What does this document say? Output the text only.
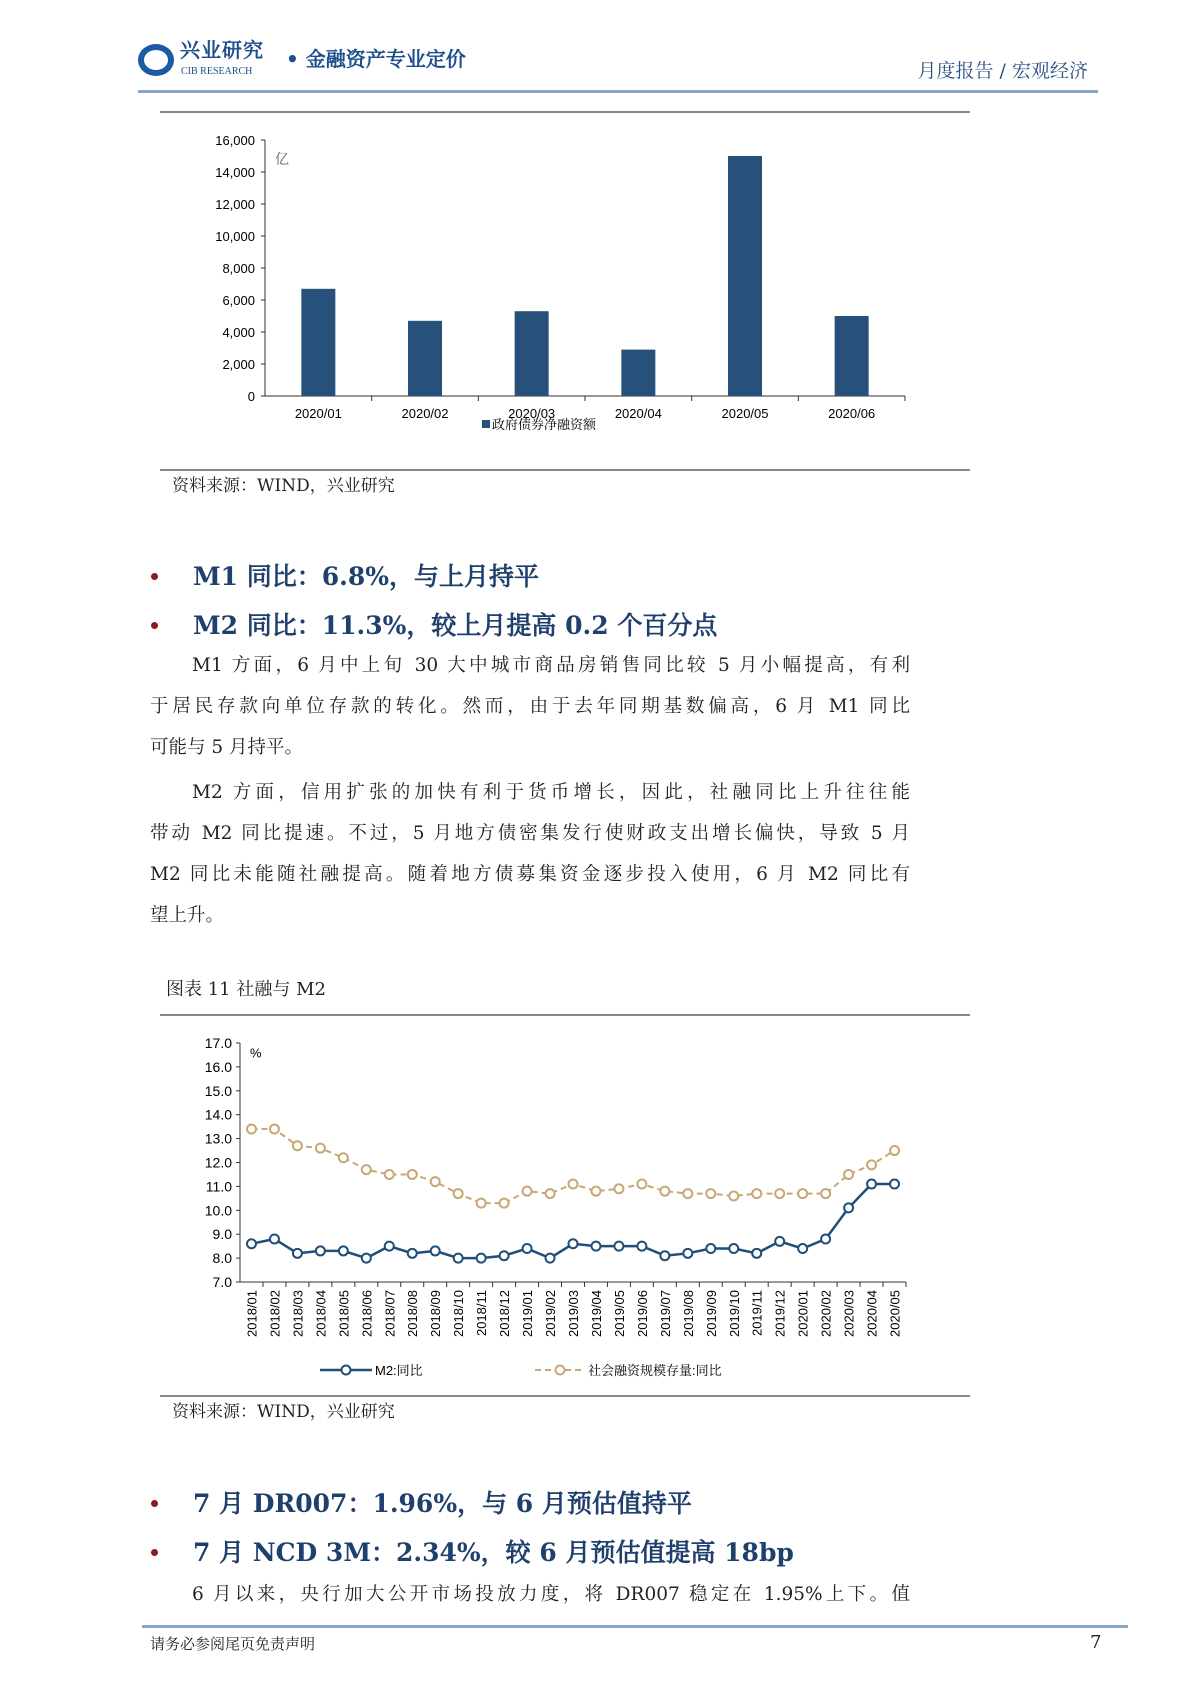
兴业研究
CIB RESEARCH
• 金融资产专业定价	月度报告 / 宏观经济
0
2,000
4,000
6,000
8,000
10,000
12,000
14,000
16,000
亿
2020/01	2020/02	2020/03	2020/04	2020/05	2020/06
政府债券净融资额
资料来源：WIND，兴业研究
M1 同比：6.8%，与上月持平
M2 同比：11.3%，较上月提高 0.2 个百分点
M1 方面，6 月中上旬 30 大中城市商品房销售同比较 5 月小幅提高，有利
于居民存款向单位存款的转化。然而，由于去年同期基数偏高，6 月 M1 同比
可能与 5 月持平。
M2 方面，信用扩张的加快有利于货币增长，因此，社融同比上升往往能
带动 M2 同比提速。不过，5 月地方债密集发行使财政支出增长偏快，导致 5 月
M2 同比未能随社融提高。随着地方债募集资金逐步投入使用，6 月 M2 同比有
望上升。
图表 11 社融与 M2
7.0
8.0
9.0
10.0
11.0
12.0
13.0
14.0
15.0
16.0
17.0
%
2018/01 2018/02 2018/03 2018/04 2018/05 2018/06 2018/07 2018/08 2018/09 2018/10 2018/11 2018/12 2019/01 2019/02 2019/03 2019/04 2019/05 2019/06 2019/07 2019/08 2019/09 2019/10 2019/11 2019/12 2020/01 2020/02 2020/03 2020/04 2020/05
M2:同比	社会融资规模存量:同比
资料来源：WIND，兴业研究
7 月 DR007：1.96%，与 6 月预估值持平
7 月 NCD 3M：2.34%，较 6 月预估值提高 18bp
6 月以来，央行加大公开市场投放力度，将 DR007 稳定在 1.95%上下。值
请务必参阅尾页免责声明	7
